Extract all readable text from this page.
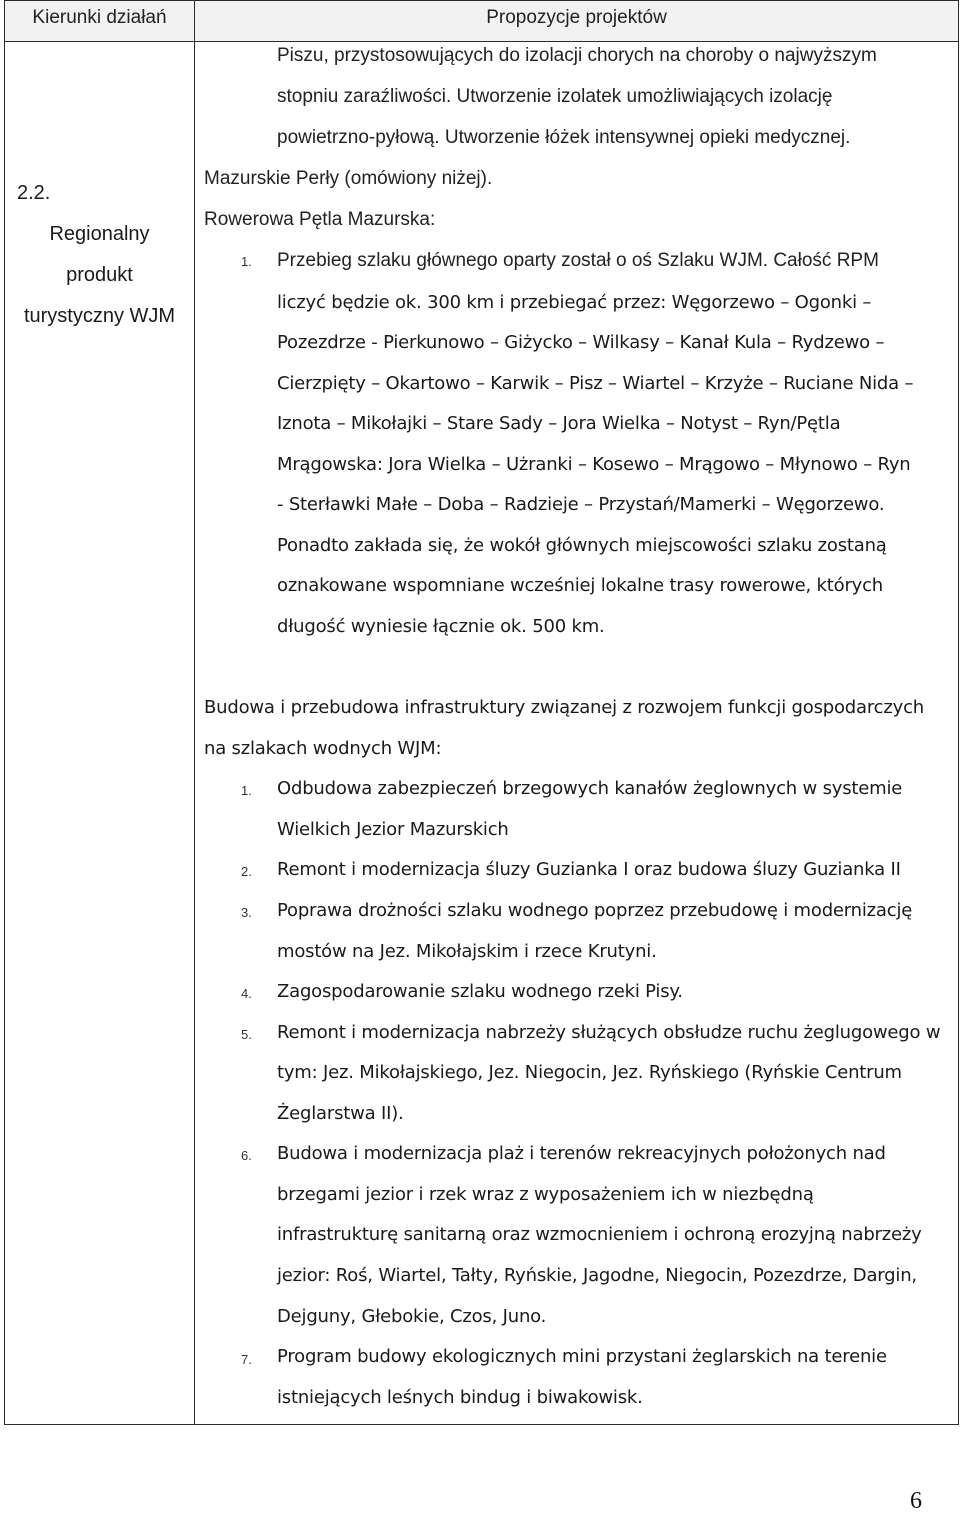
Kierunki działań	Propozycje projektów
2.2.
Regionalny
produkt
turystyczny WJM
Piszu, przystosowujących do izolacji chorych na choroby o najwyższym
stopniu zaraźliwości. Utworzenie izolatek umożliwiających izolację
powietrzno-pyłową. Utworzenie łóżek intensywnej opieki medycznej.
Mazurskie Perły (omówiony niżej).
Rowerowa Pętla Mazurska:
1. Przebieg szlaku głównego oparty został o oś Szlaku WJM. Całość RPM
liczyć będzie ok. 300 km i przebiegać przez: Węgorzewo – Ogonki –
Pozezdrze - Pierkunowo – Giżycko – Wilkasy – Kanał Kula – Rydzewo –
Cierzpięty – Okartowo – Karwik – Pisz – Wiartel – Krzyże – Ruciane Nida –
Iznota – Mikołajki – Stare Sady – Jora Wielka – Notyst – Ryn/Pętla
Mrągowska: Jora Wielka – Użranki – Kosewo – Mrągowo – Młynowo – Ryn
- Sterławki Małe – Doba – Radzieje – Przystań/Mamerki – Węgorzewo.
Ponadto zakłada się, że wokół głównych miejscowości szlaku zostaną
oznakowane wspomniane wcześniej lokalne trasy rowerowe, których
długość wyniesie łącznie ok. 500 km.
Budowa i przebudowa infrastruktury związanej z rozwojem funkcji gospodarczych
na szlakach wodnych WJM:
1. Odbudowa zabezpieczeń brzegowych kanałów żeglownych w systemie
Wielkich Jezior Mazurskich
2. Remont i modernizacja śluzy Guzianka I oraz budowa śluzy Guzianka II
3. Poprawa drożności szlaku wodnego poprzez przebudowę i modernizację
mostów na Jez. Mikołajskim i rzece Krutyni.
4. Zagospodarowanie szlaku wodnego rzeki Pisy.
5. Remont i modernizacja nabrzeży służących obsłudze ruchu żeglugowego w
tym: Jez. Mikołajskiego, Jez. Niegocin, Jez. Ryńskiego (Ryńskie Centrum
Żeglarstwa II).
6. Budowa i modernizacja plaż i terenów rekreacyjnych położonych nad
brzegami jezior i rzek wraz z wyposażeniem ich w niezbędną
infrastrukturę sanitarną oraz wzmocnieniem i ochroną erozyjną nabrzeży
jezior: Roś, Wiartel, Tałty, Ryńskie, Jagodne, Niegocin, Pozezdrze, Dargin,
Dejguny, Głebokie, Czos, Juno.
7. Program budowy ekologicznych mini przystani żeglarskich na terenie
istniejących leśnych bindug i biwakowisk.
6
